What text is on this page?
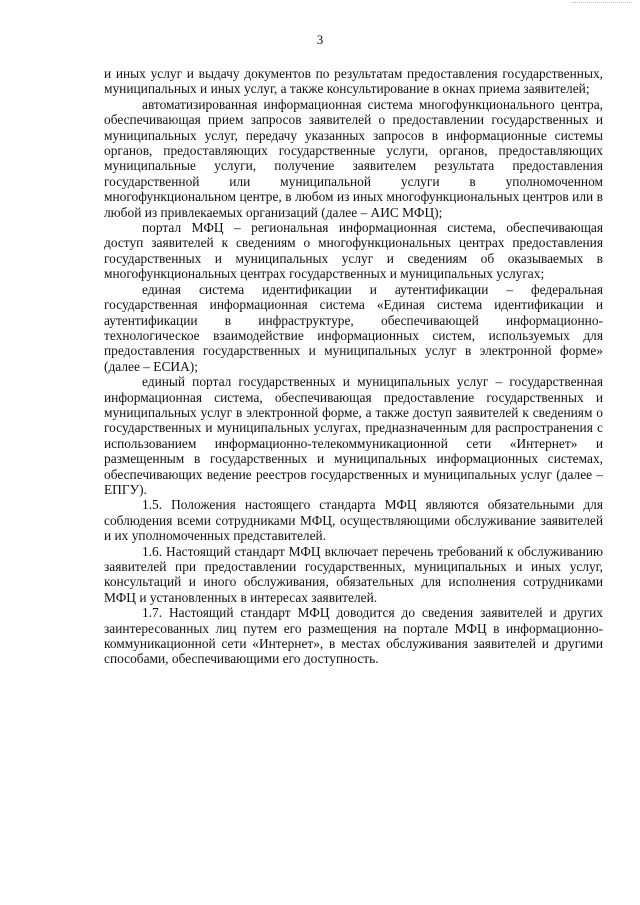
3

и иных услуг и выдачу документов по результатам предоставления государственных, муниципальных и иных услуг, а также консультирование в окнах приема заявителей;

автоматизированная информационная система многофункционального центра, обеспечивающая прием запросов заявителей о предоставлении государственных и муниципальных услуг, передачу указанных запросов в информационные системы органов, предоставляющих государственные услуги, органов, предоставляющих муниципальные услуги, получение заявителем результата предоставления государственной или муниципальной услуги в уполномоченном многофункциональном центре, в любом из иных многофункциональных центров или в любой из привлекаемых организаций (далее – АИС МФЦ);

портал МФЦ – региональная информационная система, обеспечивающая доступ заявителей к сведениям о многофункциональных центрах предоставления государственных и муниципальных услуг и сведениям об оказываемых в многофункциональных центрах государственных и муниципальных услугах;

единая система идентификации и аутентификации – федеральная государственная информационная система «Единая система идентификации и аутентификации в инфраструктуре, обеспечивающей информационно-технологическое взаимодействие информационных систем, используемых для предоставления государственных и муниципальных услуг в электронной форме» (далее – ЕСИА);

единый портал государственных и муниципальных услуг – государственная информационная система, обеспечивающая предоставление государственных и муниципальных услуг в электронной форме, а также доступ заявителей к сведениям о государственных и муниципальных услугах, предназначенным для распространения с использованием информационно-телекоммуникационной сети «Интернет» и размещенным в государственных и муниципальных информационных системах, обеспечивающих ведение реестров государственных и муниципальных услуг (далее – ЕПГУ).

1.5. Положения настоящего стандарта МФЦ являются обязательными для соблюдения всеми сотрудниками МФЦ, осуществляющими обслуживание заявителей и их уполномоченных представителей.

1.6. Настоящий стандарт МФЦ включает перечень требований к обслуживанию заявителей при предоставлении государственных, муниципальных и иных услуг, консультаций и иного обслуживания, обязательных для исполнения сотрудниками МФЦ и установленных в интересах заявителей.

1.7. Настоящий стандарт МФЦ доводится до сведения заявителей и других заинтересованных лиц путем его размещения на портале МФЦ в информационно-коммуникационной сети «Интернет», в местах обслуживания заявителей и другими способами, обеспечивающими его доступность.
